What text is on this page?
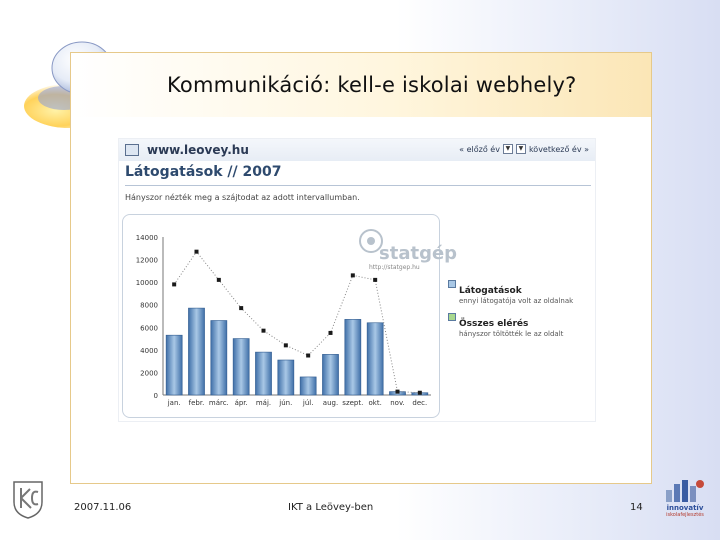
Kommunikáció: kell-e iskolai webhely?
www.leovey.hu	« előző év ▼	▼ következő év »
Látogatások // 2007
Hányszor nézték meg a szájtodat az adott intervallumban.
statgép
http://statgep.hu
14000
12000
10000
8000
6000
4000
2000
0
jan. febr. márc. ápr. máj. jún. júl. aug. szept. okt. nov. dec.
Látogatások
ennyi látogatója volt az oldalnak
Összes elérés
hányszor töltötték le az oldalt
2007.11.06	IKT a Leövey-ben	14	innovatív
iskolafejlesztés
